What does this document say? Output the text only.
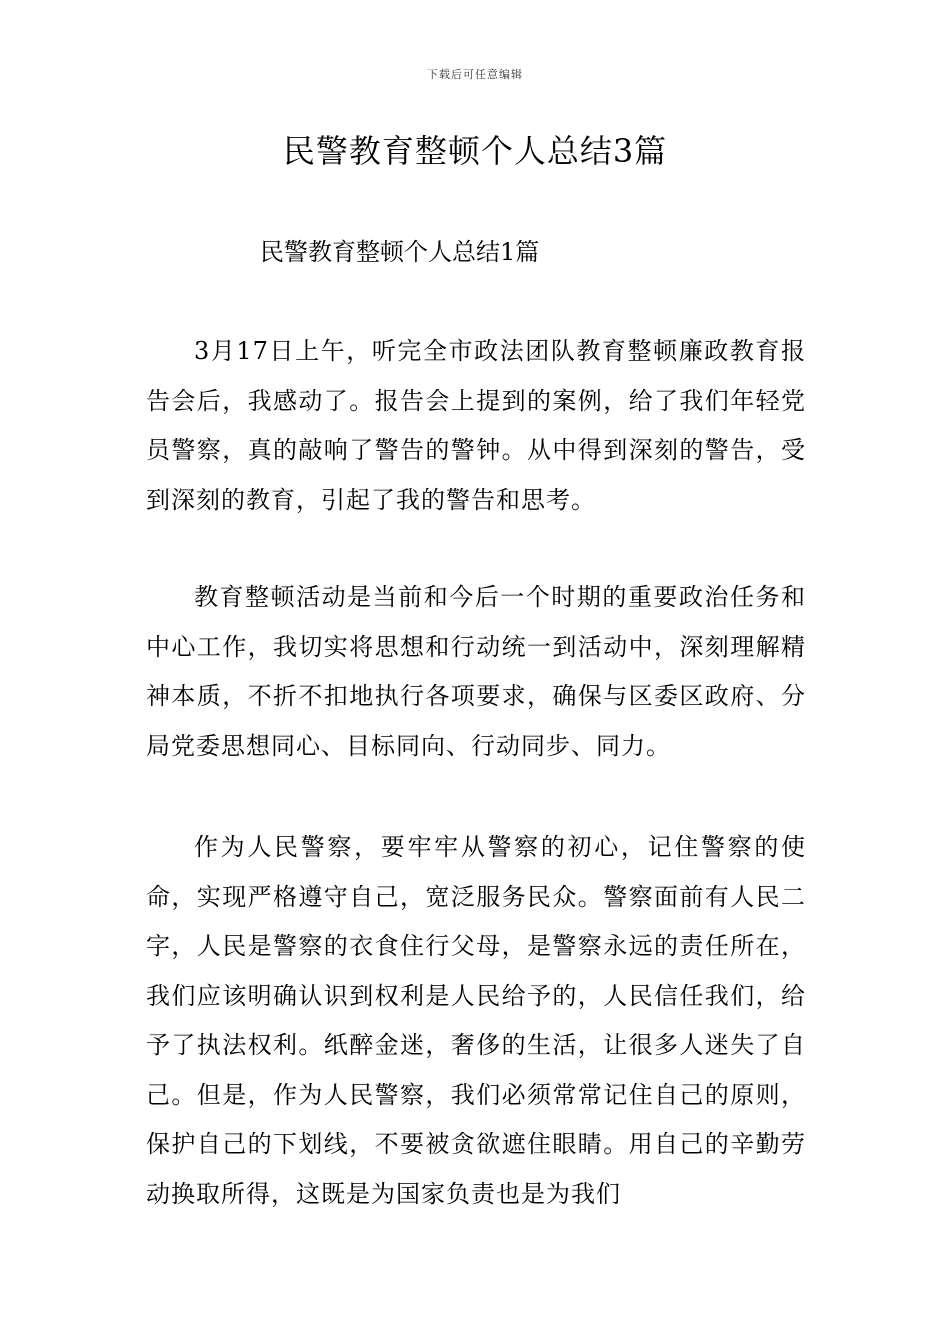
下载后可任意编辑
民警教育整顿个人总结3篇
民警教育整顿个人总结1篇

3月17日上午，听完全市政法团队教育整顿廉政教育报告会后，我感动了。报告会上提到的案例，给了我们年轻党员警察，真的敲响了警告的警钟。从中得到深刻的警告，受到深刻的教育，引起了我的警告和思考。

教育整顿活动是当前和今后一个时期的重要政治任务和中心工作，我切实将思想和行动统一到活动中，深刻理解精神本质，不折不扣地执行各项要求，确保与区委区政府、分局党委思想同心、目标同向、行动同步、同力。

作为人民警察，要牢牢从警察的初心，记住警察的使命，实现严格遵守自己，宽泛服务民众。警察面前有人民二字，人民是警察的衣食住行父母，是警察永远的责任所在，我们应该明确认识到权利是人民给予的，人民信任我们，给予了执法权利。纸醉金迷，奢侈的生活，让很多人迷失了自己。但是，作为人民警察，我们必须常常记住自己的原则，保护自己的下划线，不要被贪欲遮住眼睛。用自己的辛勤劳动换取所得，这既是为国家负责也是为我们
